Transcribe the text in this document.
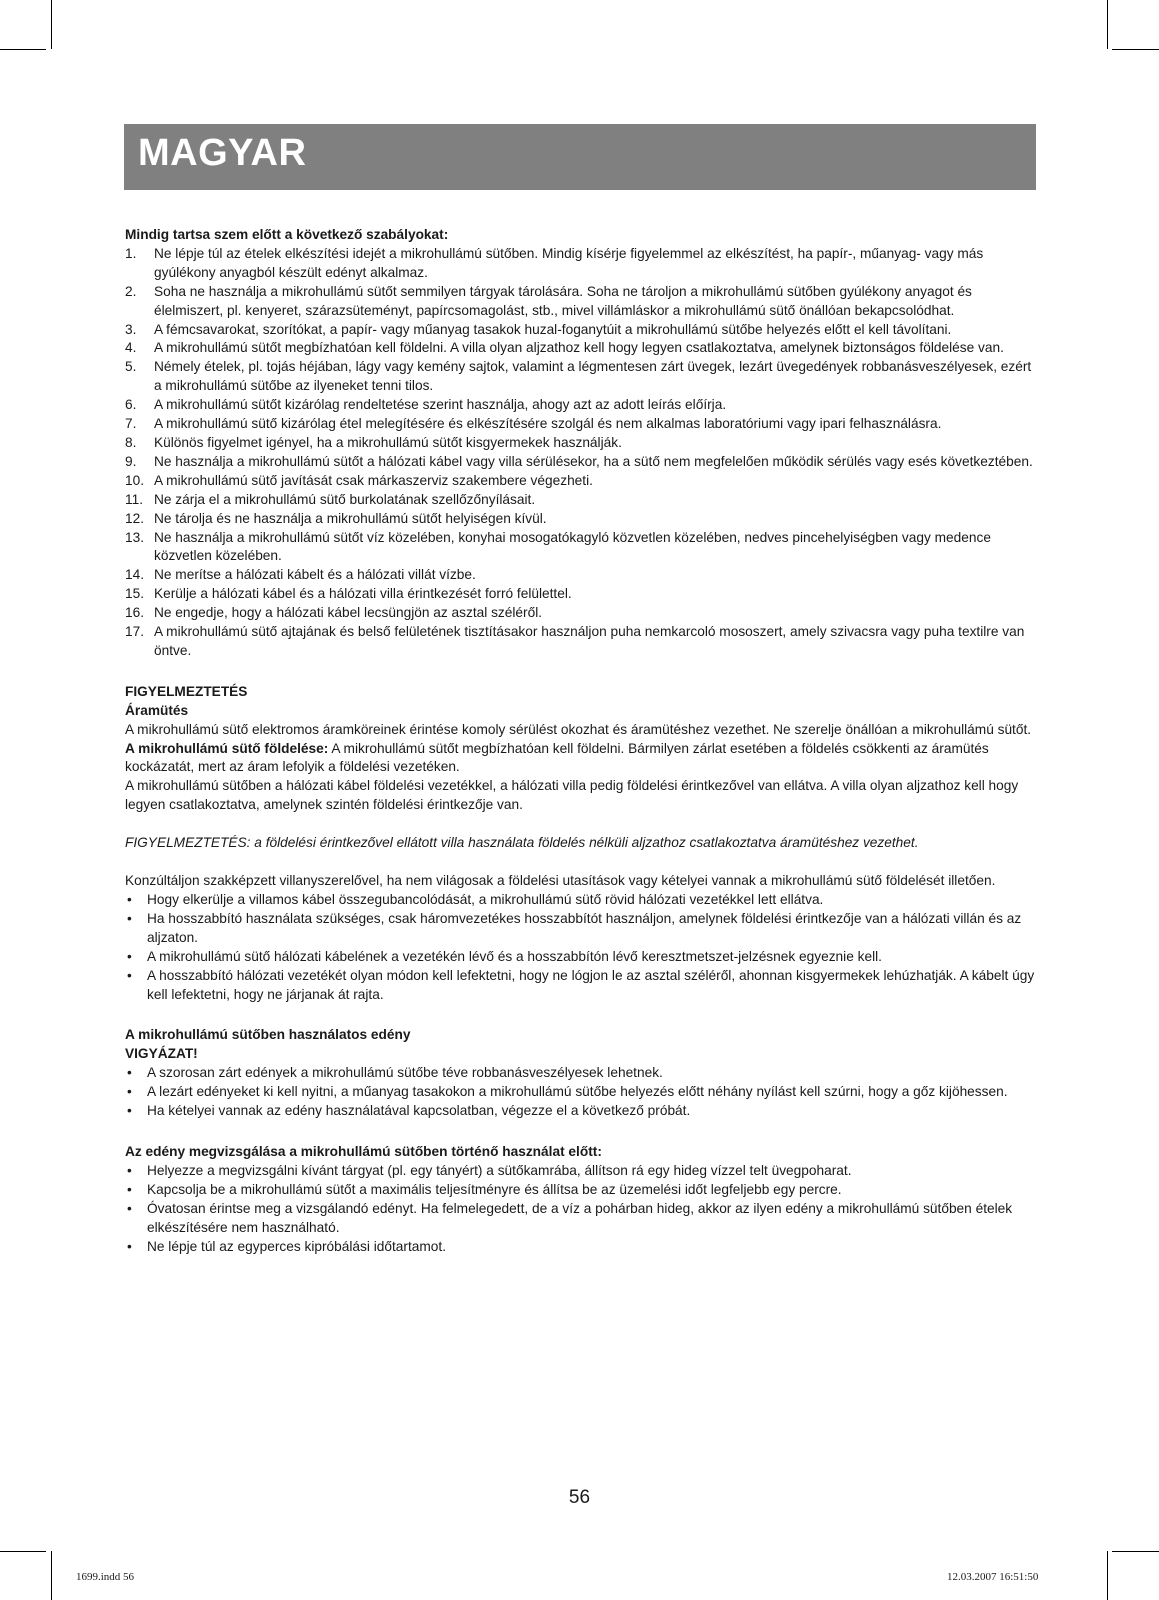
MAGYAR

Mindig tartsa szem előtt a következő szabályokat:

1. Ne lépje túl az ételek elkészítési idejét a mikrohullámú sütőben. Mindig kísérje figyelemmel az elkészítést, ha papír-, műanyag- vagy más gyúlékony anyagból készült edényt alkalmaz.
2. Soha ne használja a mikrohullámú sütőt semmilyen tárgyak tárolására. Soha ne tároljon a mikrohullámú sütőben gyúlékony anyagot és élelmiszert, pl. kenyeret, szárazsüteményt, papírcsomagolást, stb., mivel villámláskor a mikrohullámú sütő önállóan bekapcsolódhat.
3. A fémcsavarokat, szorítókat, a papír- vagy műanyag tasakok huzal-foganytúit a mikrohullámú sütőbe helyezés előtt el kell távolítani.
4. A mikrohullámú sütőt megbízhatóan kell földelni. A villa olyan aljzathoz kell hogy legyen csatlakoztatva, amelynek biztonságos földelése van.
5. Némely ételek, pl. tojás héjában, lágy vagy kemény sajtok, valamint a légmentesen zárt üvegek, lezárt üvegedények robbanásveszélyesek, ezért a mikrohullámú sütőbe az ilyeneket tenni tilos.
6. A mikrohullámú sütőt kizárólag rendeltetése szerint használja, ahogy azt az adott leírás előírja.
7. A mikrohullámú sütő kizárólag étel melegítésére és elkészítésére szolgál és nem alkalmas laboratóriumi vagy ipari felhasználásra.
8. Különös figyelmet igényel, ha a mikrohullámú sütőt kisgyermekek használják.
9. Ne használja a mikrohullámú sütőt a hálózati kábel vagy villa sérülésekor, ha a sütő nem megfelelően működik sérülés vagy esés következtében.
10. A mikrohullámú sütő javítását csak márkaszerviz szakembere végezheti.
11. Ne zárja el a mikrohullámú sütő burkolatának szellőzőnyílásait.
12. Ne tárolja és ne használja a mikrohullámú sütőt helyiségen kívül.
13. Ne használja a mikrohullámú sütőt víz közelében, konyhai mosogatókagyló közvetlen közelében, nedves pincehelyiségben vagy medence közvetlen közelében.
14. Ne merítse a hálózati kábelt és a hálózati villát vízbe.
15. Kerülje a hálózati kábel és a hálózati villa érintkezését forró felülettel.
16. Ne engedje, hogy a hálózati kábel lecsüngjön az asztal széléről.
17. A mikrohullámú sütő ajtajának és belső felületének tisztításakor használjon puha nemkarcoló mososzert, amely szivacsra vagy puha textilre van öntve.

FIGYELMEZTETÉS

Áramütés

A mikrohullámú sütő elektromos áramköreinek érintése komoly sérülést okozhat és áramütéshez vezethet. Ne szerelje önállóan a mikrohullámú sütőt.

A mikrohullámú sütő földelése: A mikrohullámú sütőt megbízhatóan kell földelni. Bármilyen zárlat esetében a földelés csökkenti az áramütés kockázatát, mert az áram lefolyik a földelési vezetéken.

A mikrohullámú sütőben a hálózati kábel földelési vezetékkel, a hálózati villa pedig földelési érintkezővel van ellátva. A villa olyan aljzathoz kell hogy legyen csatlakoztatva, amelynek szintén földelési érintkezője van.

FIGYELMEZTETÉS: a földelési érintkezővel ellátott villa használata földelés nélküli aljzathoz csatlakoztatva áramütéshez vezethet.

Konzúltáljon szakképzett villanyszerelővel, ha nem világosak a földelési utasítások vagy kételyei vannak a mikrohullámú sütő földelését illetően.

• Hogy elkerülje a villamos kábel összegubancolódását, a mikrohullámú sütő rövid hálózati vezetékkel lett ellátva.
• Ha hosszabbító használata szükséges, csak háromvezetékes hosszabbítót használjon, amelynek földelési érintkezője van a hálózati villán és az aljzaton.
• A mikrohullámú sütő hálózati kábelének a vezetékén lévő és a hosszabbítón lévő keresztmetszet-jelzésnek egyeznie kell.
• A hosszabbító hálózati vezetékét olyan módon kell lefektetni, hogy ne lógjon le az asztal széléről, ahonnan kisgyermekek lehúzhatják. A kábelt úgy kell lefektetni, hogy ne járjanak át rajta.

A mikrohullámú sütőben használatos edény

VIGYÁZAT!

• A szorosan zárt edények a mikrohullámú sütőbe téve robbanásveszélyesek lehetnek.
• A lezárt edényeket ki kell nyitni, a műanyag tasakokon a mikrohullámú sütőbe helyezés előtt néhány nyílást kell szúrni, hogy a gőz kijöhessen.
• Ha kételyei vannak az edény használatával kapcsolatban, végezze el a következő próbát.

Az edény megvizsgálása a mikrohullámú sütőben történő használat előtt:

• Helyezze a megvizsgálni kívánt tárgyat (pl. egy tányért) a sütőkamrába, állítson rá egy hideg vízzel telt üvegpoharat.
• Kapcsolja be a mikrohullámú sütőt a maximális teljesítményre és állítsa be az üzemelési időt legfeljebb egy percre.
• Óvatosan érintse meg a vizsgálandó edényt. Ha felmelegedett, de a víz a pohárban hideg, akkor az ilyen edény a mikrohullámú sütőben ételek elkészítésére nem használható.
• Ne lépje túl az egyperces kipróbálási időtartamot.
56
1699.indd 56	12.03.2007 16:51:50
